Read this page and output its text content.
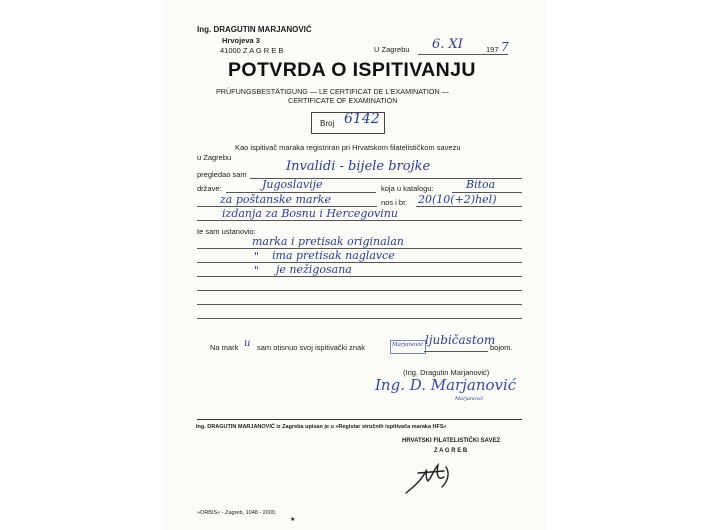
Ing. DRAGUTIN MARJANOVIĆ
Hrvojeva 3
41000 Z A G R E B	U Zagrebu 6. XI	197 7
POTVRDA O ISPITIVANJU
PRÜFUNGSBESTÄTIGUNG — LE CERTIFICAT DE L'EXAMINATION —
CERTIFICATE OF EXAMINATION
Broj 6142
Kao ispitivač maraka registriran pri Hrvatskom filatelističkom savezu
u Zagrebu
pregledao sam
Invalidi - bijele brojke
države:	Jugoslavije	koja u katalogu:	Bitoa
za poštanske marke	nos i br. 20(10(+2)hel)
izdanja za Bosnu i Hercegovinu
te sam ustanovio:
marka i pretisak originalan
" ima pretisak naglavce
" je nežigosana
Na mark u sam otisnuo svoj ispitivački znak	Marjanović ljubičastom
bojom.
(Ing. Dragutin Marjanović)
Ing. D. Marjanović
Marjanović
Ing. DRAGUTIN MARJANOVIĆ iz Zagreba upisan je u »Registar stručnih ispitivača maraka HFS«
HRVATSKI FILATELISTIČKI SAVEZ
Z A G R E B
»ORBIS« - Zagreb, 1048 - 2000.
★
